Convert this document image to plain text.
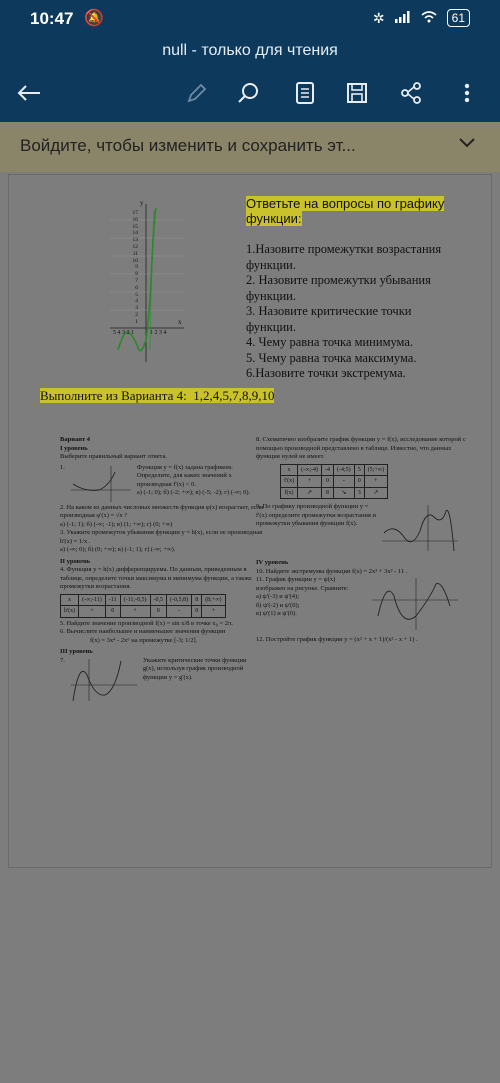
10:47 🔕	✲	61
null - только для чтения
Войдите, чтобы изменить и сохранить эт...
17
16
15
14
13
12
11
10
9
8
7
6
5
4
3
2
1
y
5 4 3 2 1	1 2 3 4
x
Ответьте на вопросы по графику функции:
1.Назовите промежутки возрастания функции.
2. Назовите промежутки убывания функции.
3. Назовите критические точки функции.
4. Чему равна точка минимума.
5. Чему равна точка максимума.
6.Назовите точки экстремума.
Выполните из Варианта 4: 1,2,4,5,7,8,9,10
Вариант 4
I уровень
Выберите правильный вариант ответа.
1.	Функция y = f(x) задана графиком. Определите, для каких значений x производная f'(x) < 0.
а) (-1; 0); б) (-2; +∞); в) (-5; -2); г) (-∞; 0).
2. На каком из данных числовых множеств функция φ(x) возрастает, если производная φ'(x) = √x ?
а) (-1; 1); б) (-∞; -1); в) (1; +∞); г) (0; +∞)
3. Укажите промежуток убывания функции y = h(x), если ее производная h'(x) = 1/x .
а) (-∞; 0); б) (0; +∞); в) (-1; 1); г) (-∞; +∞).
II уровень
4. Функция y = h(x) дифференцируема. По данным, приведенным в таблице, определите точки максимума и минимума функции, а также промежутки возрастания.
x	(-∞;-11)	-11	(-11;-0,5)	-0,5	(-0,5;8)	8	(8;+∞)
h'(x)	+	0	+	0	-	0	+
5. Найдите значение производной f(x) = sin x/8 в точке x₀ = 2π.
6. Вычислите наибольшее и наименьшее значения функции
f(x) = 3x⁴ - 2x⁶ на промежутке [-3; 1/2].
III уровень
7.	Укажите критические точки функции g(x), используя график производной функции y = g'(x).
8. Схематично изобразите график функции y = f(x), исследование которой с помощью производной представлено в таблице. Известно, что данных функция нулей не имеет.
x	(-∞;-4)	-4	(-4;5)	5	(5;+∞)
f'(x)	+	0	-	0	+
f(x)	↗	8	↘	3	↗
9. По графику производной функции y = f'(x) определите промежутки возрастания и промежутки убывания функции f(x).
IV уровень
10. Найдите экстремумы функции f(x) = 2x³ + 3x² - 11 .
11. График функции y = ψ(x) изображен на рисунке. Сравните:
а) ψ'(-3) и ψ'(4);
б) ψ'(-2) и ψ'(0);
в) ψ'(1) и ψ'(0).
12. Постройте график функции y = (x² + x + 1)/(x² - x + 1) .
